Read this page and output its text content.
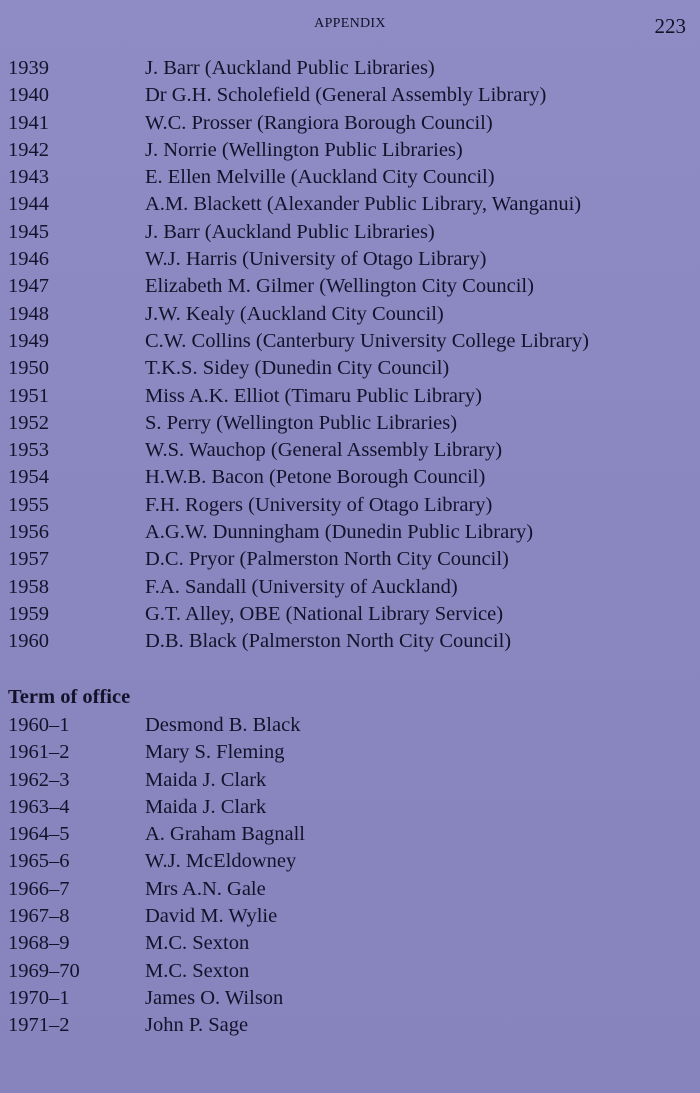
APPENDIX	223
1939	J. Barr (Auckland Public Libraries)
1940	Dr G.H. Scholefield (General Assembly Library)
1941	W.C. Prosser (Rangiora Borough Council)
1942	J. Norrie (Wellington Public Libraries)
1943	E. Ellen Melville (Auckland City Council)
1944	A.M. Blackett (Alexander Public Library, Wanganui)
1945	J. Barr (Auckland Public Libraries)
1946	W.J. Harris (University of Otago Library)
1947	Elizabeth M. Gilmer (Wellington City Council)
1948	J.W. Kealy (Auckland City Council)
1949	C.W. Collins (Canterbury University College Library)
1950	T.K.S. Sidey (Dunedin City Council)
1951	Miss A.K. Elliot (Timaru Public Library)
1952	S. Perry (Wellington Public Libraries)
1953	W.S. Wauchop (General Assembly Library)
1954	H.W.B. Bacon (Petone Borough Council)
1955	F.H. Rogers (University of Otago Library)
1956	A.G.W. Dunningham (Dunedin Public Library)
1957	D.C. Pryor (Palmerston North City Council)
1958	F.A. Sandall (University of Auckland)
1959	G.T. Alley, OBE (National Library Service)
1960	D.B. Black (Palmerston North City Council)
Term of office
1960–1	Desmond B. Black
1961–2	Mary S. Fleming
1962–3	Maida J. Clark
1963–4	Maida J. Clark
1964–5	A. Graham Bagnall
1965–6	W.J. McEldowney
1966–7	Mrs A.N. Gale
1967–8	David M. Wylie
1968–9	M.C. Sexton
1969–70	M.C. Sexton
1970–1	James O. Wilson
1971–2	John P. Sage
